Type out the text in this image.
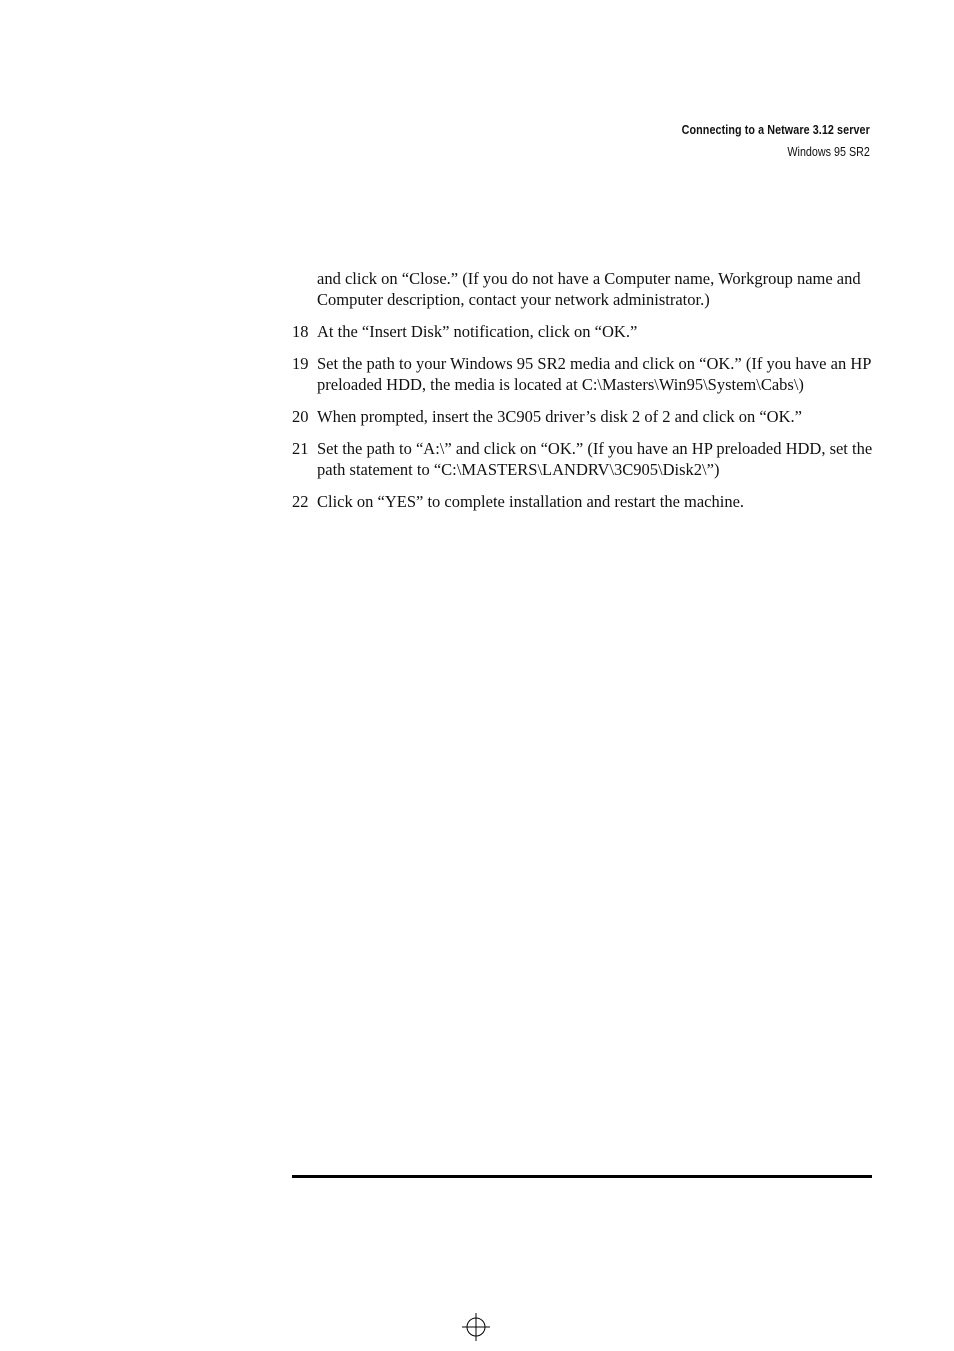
Connecting to a Netware 3.12 server
Windows 95 SR2
and click on “Close.” (If you do not have a Computer name, Workgroup name and Computer description, contact your network administrator.)
18 At the “Insert Disk” notification, click on “OK.”
19 Set the path to your Windows 95 SR2 media and click on “OK.” (If you have an HP preloaded HDD, the media is located at C:\Masters\Win95\System\Cabs\)
20 When prompted, insert the 3C905 driver’s disk 2 of 2 and click on “OK.”
21 Set the path to “A:\” and click on “OK.” (If you have an HP preloaded HDD, set the path statement to “C:\MASTERS\LANDRV\3C905\Disk2\”)
22 Click on “YES” to complete installation and restart the machine.
